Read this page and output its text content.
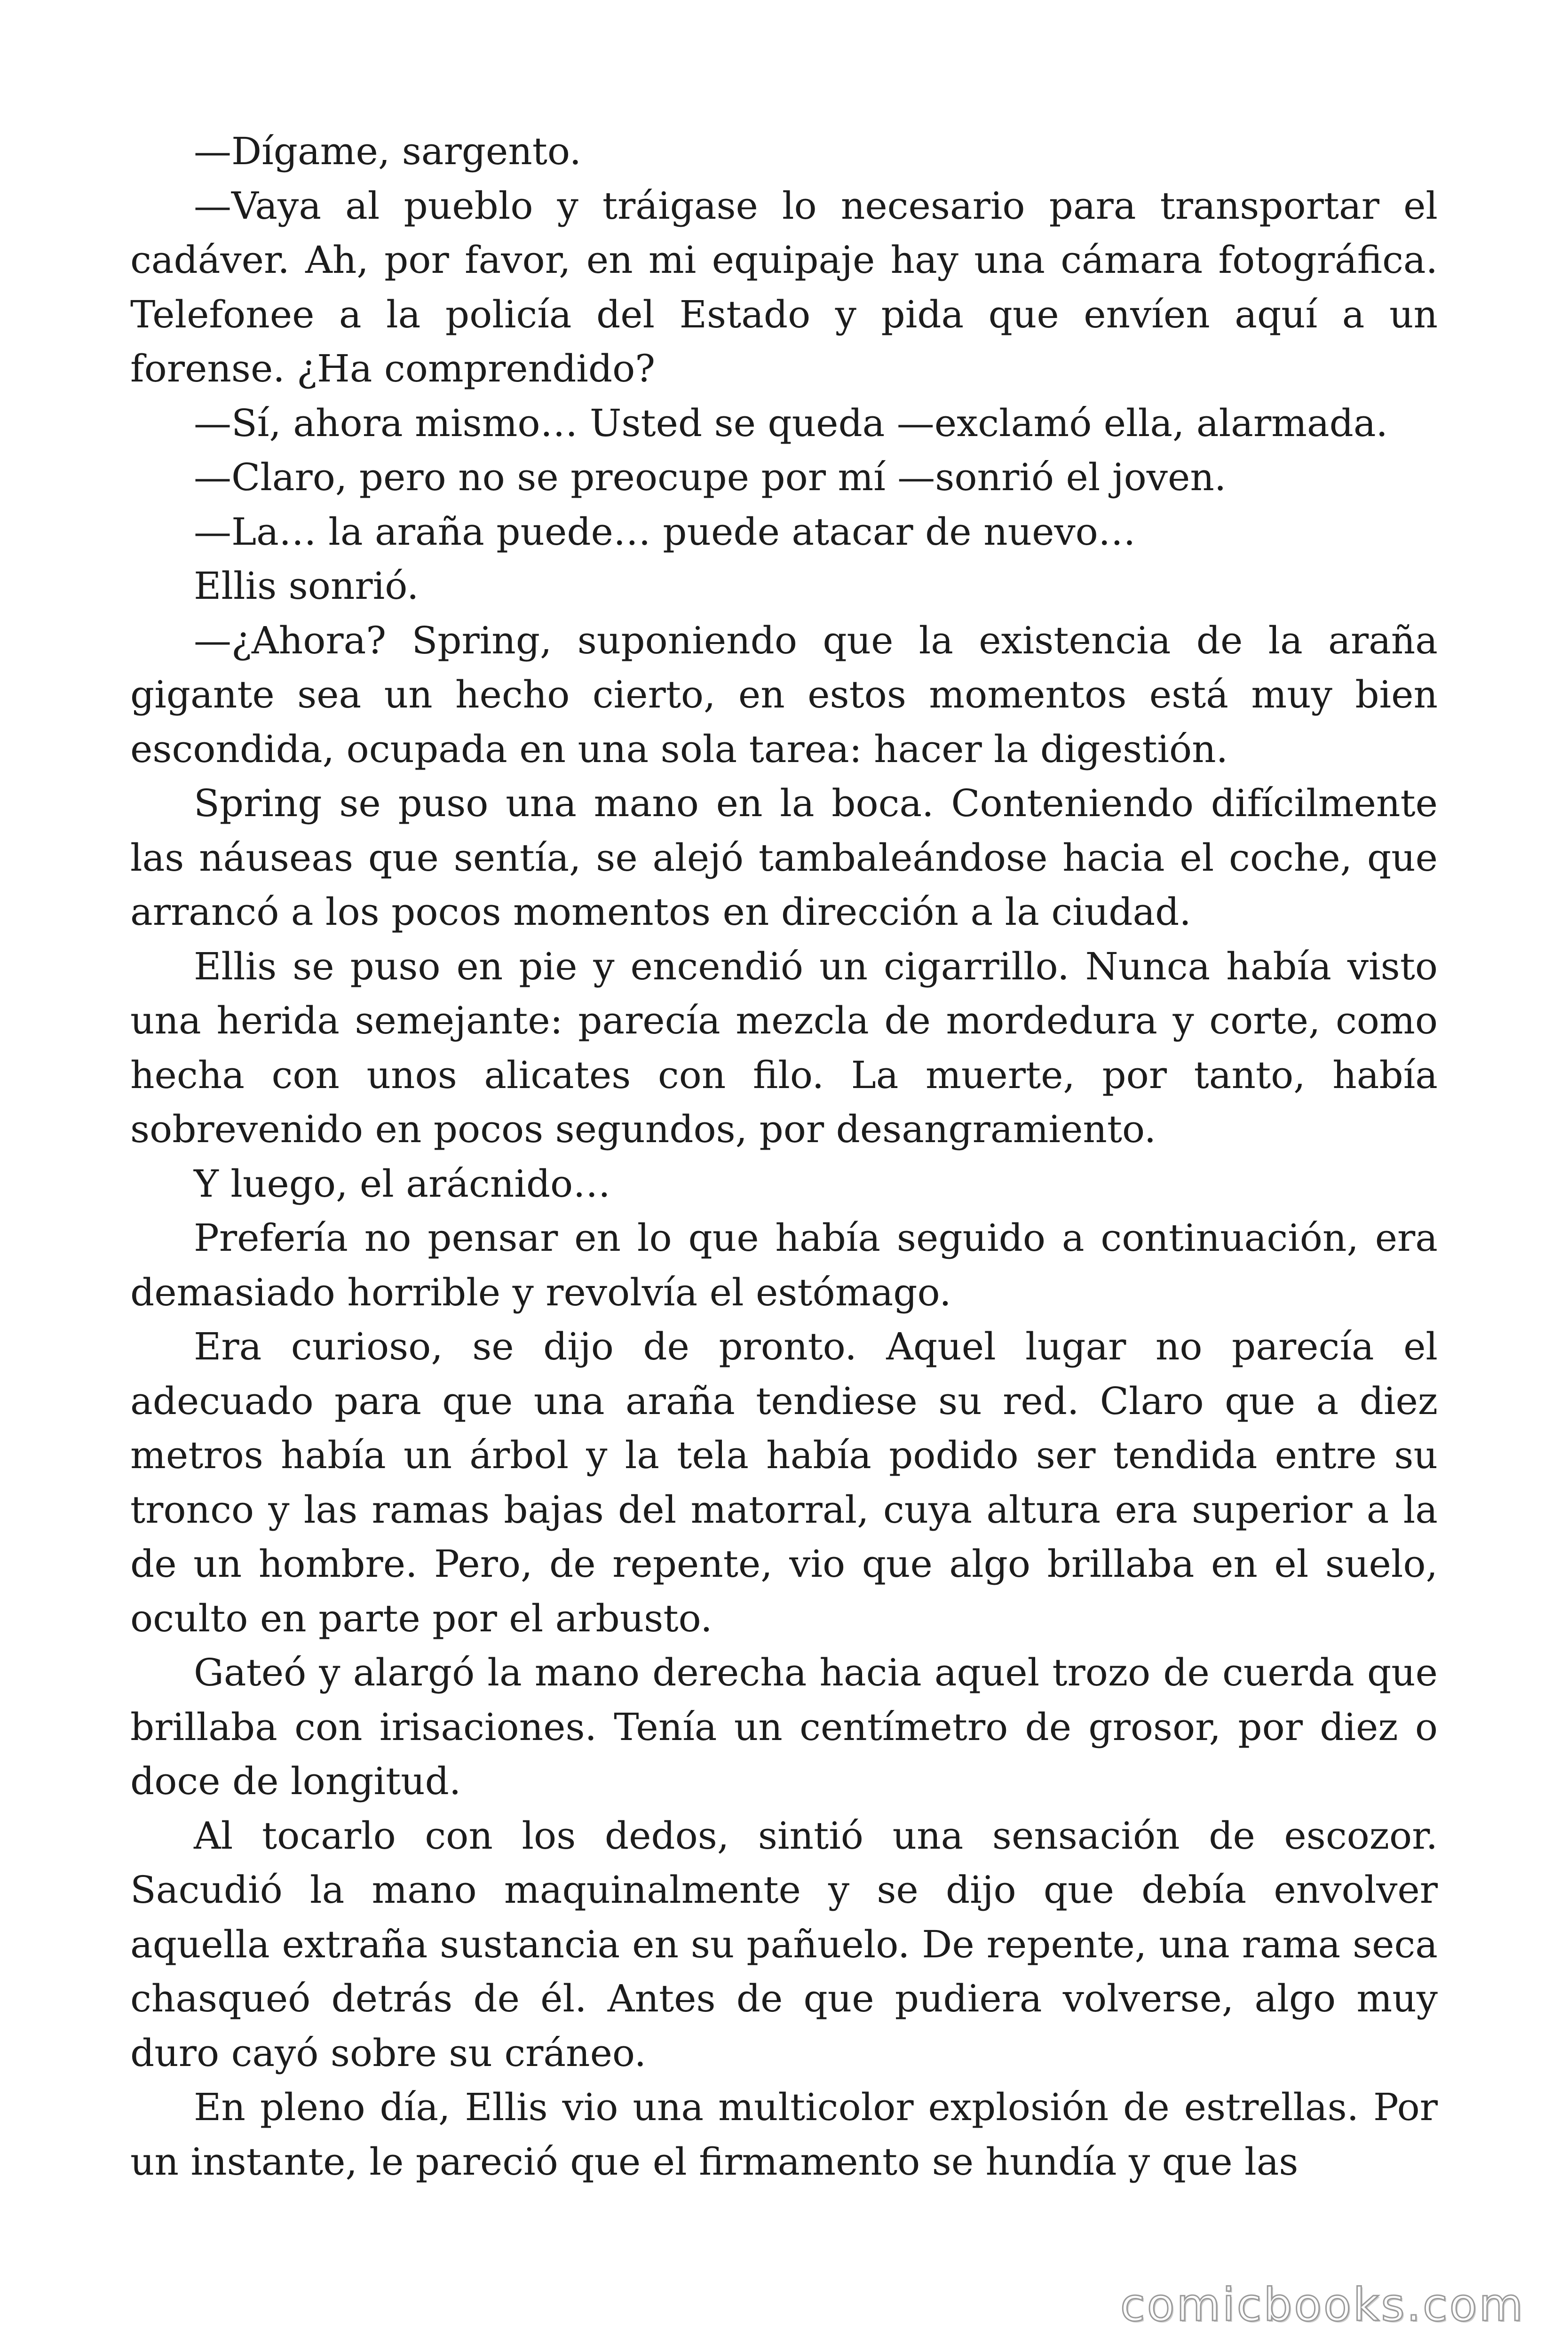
—Dígame, sargento.

—Vaya al pueblo y tráigase lo necesario para transportar el cadáver. Ah, por favor, en mi equipaje hay una cámara fotográfica. Telefonee a la policía del Estado y pida que envíen aquí a un forense. ¿Ha comprendido?

—Sí, ahora mismo… Usted se queda —exclamó ella, alarmada.

—Claro, pero no se preocupe por mí —sonrió el joven.

—La… la araña puede… puede atacar de nuevo…

Ellis sonrió.

—¿Ahora? Spring, suponiendo que la existencia de la araña gigante sea un hecho cierto, en estos momentos está muy bien escondida, ocupada en una sola tarea: hacer la digestión.

Spring se puso una mano en la boca. Conteniendo difícilmente las náuseas que sentía, se alejó tambaleándose hacia el coche, que arrancó a los pocos momentos en dirección a la ciudad.

Ellis se puso en pie y encendió un cigarrillo. Nunca había visto una herida semejante: parecía mezcla de mordedura y corte, como hecha con unos alicates con filo. La muerte, por tanto, había sobrevenido en pocos segundos, por desangramiento.

Y luego, el arácnido…

Prefería no pensar en lo que había seguido a continuación, era demasiado horrible y revolvía el estómago.

Era curioso, se dijo de pronto. Aquel lugar no parecía el adecuado para que una araña tendiese su red. Claro que a diez metros había un árbol y la tela había podido ser tendida entre su tronco y las ramas bajas del matorral, cuya altura era superior a la de un hombre. Pero, de repente, vio que algo brillaba en el suelo, oculto en parte por el arbusto.

Gateó y alargó la mano derecha hacia aquel trozo de cuerda que brillaba con irisaciones. Tenía un centímetro de grosor, por diez o doce de longitud.

Al tocarlo con los dedos, sintió una sensación de escozor. Sacudió la mano maquinalmente y se dijo que debía envolver aquella extraña sustancia en su pañuelo. De repente, una rama seca chasqueó detrás de él. Antes de que pudiera volverse, algo muy duro cayó sobre su cráneo.

En pleno día, Ellis vio una multicolor explosión de estrellas. Por un instante, le pareció que el firmamento se hundía y que las

comicbooks.com
